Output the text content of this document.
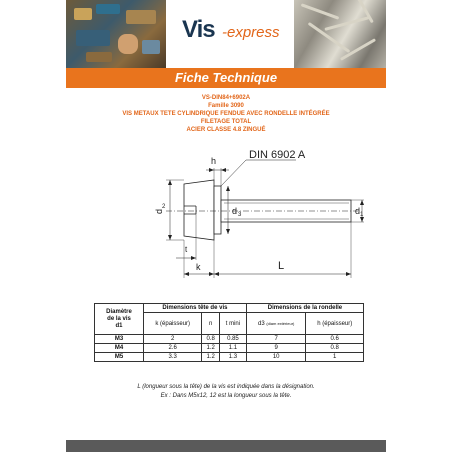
Vis -express
Fiche Technique
VS-DIN84+6902A
Famille 3090
VIS METAUX TETE CYLINDRIQUE FENDUE AVEC RONDELLE INTÉGRÉE
FILETAGE TOTAL
ACIER CLASSE 4.8 ZINGUÉ
DIN 6902 A
h
d
2	d 3	d 1
t
k	L
Diamètre
de la vis
d1	Dimensions tête de vis			Dimensions de la rondelle	
	k (épaisseur)	n	t mini	d3 (diam extérieur)	h (épaisseur)
M3	2	0.8	0.85	7	0.6
M4	2.6	1.2	1.1	9	0.8
M5	3.3	1.2	1.3	10	1
L (longueur sous la tête) de la vis est indiquée dans la désignation.
Ex : Dans M5x12, 12 est la longueur sous la tête.
